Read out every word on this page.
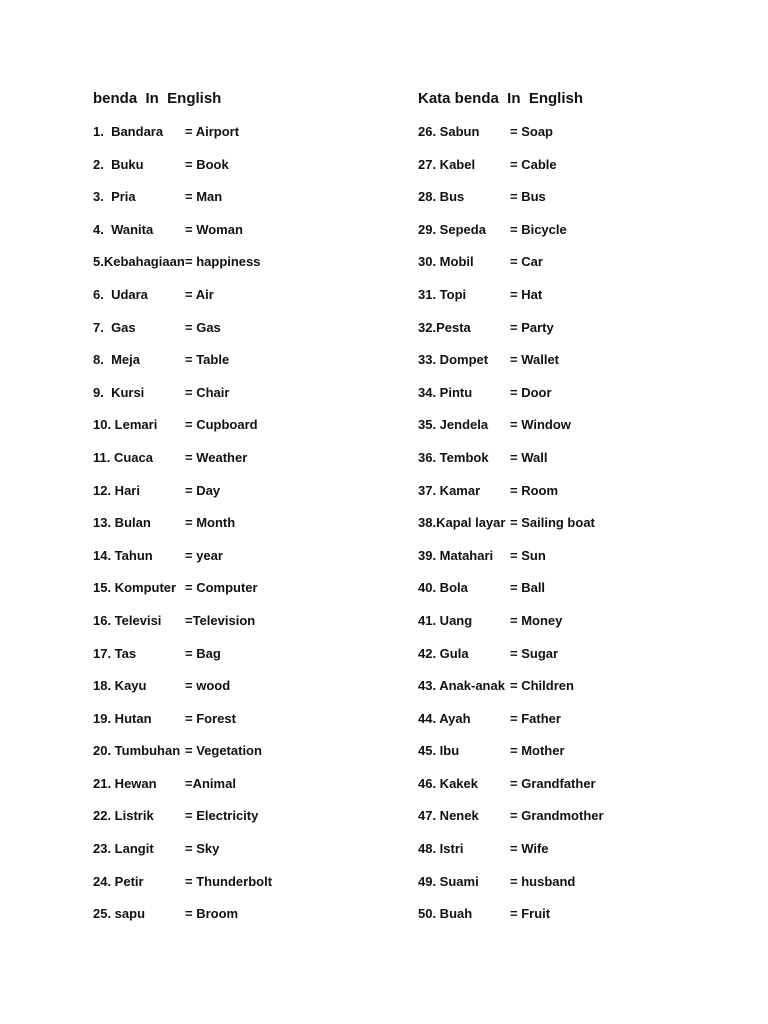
benda  In  English
1.  Bandara = Airport
2.  Buku	= Book
3.  Pria	= Man
4.  Wanita = Woman
5.Kebahagiaan = happiness
6.  Udara	= Air
7.  Gas	= Gas
8.  Meja	= Table
9.  Kursi	= Chair
10. Lemari = Cupboard
11. Cuaca = Weather
12. Hari	= Day
13. Bulan	= Month
14. Tahun = year
15. Komputer = Computer
16. Televisi =Television
17. Tas	= Bag
18. Kayu	= wood
19. Hutan	= Forest
20. Tumbuhan = Vegetation
21. Hewan =Animal
22. Listrik = Electricity
23. Langit = Sky
24. Petir	= Thunderbolt
25. sapu	= Broom
Kata benda  In  English
26. Sabun = Soap
27. Kabel	= Cable
28. Bus	= Bus
29. Sepeda = Bicycle
30. Mobil	= Car
31. Topi	= Hat
32.Pesta	= Party
33. Dompet = Wallet
34. Pintu	= Door
35. Jendela = Window
36. Tembok = Wall
37. Kamar = Room
38.Kapal layar = Sailing boat
39. Matahari = Sun
40. Bola	= Ball
41. Uang	= Money
42. Gula	= Sugar
43. Anak-anak = Children
44. Ayah	= Father
45. Ibu	= Mother
46. Kakek = Grandfather
47. Nenek = Grandmother
48. Istri	= Wife
49. Suami = husband
50. Buah	= Fruit
